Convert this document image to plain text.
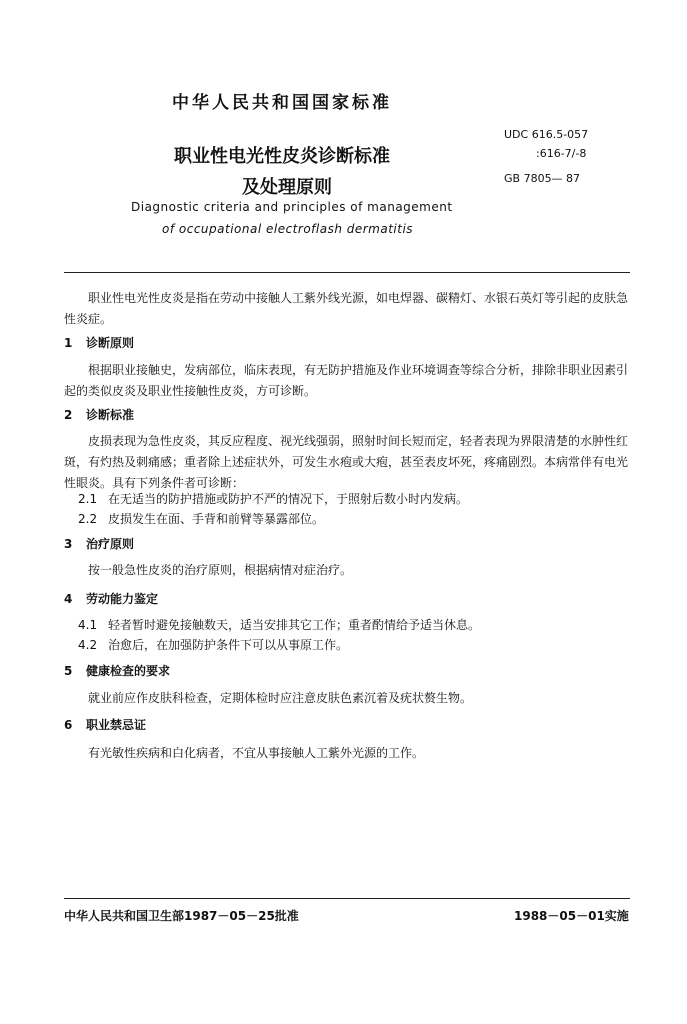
中华人民共和国国家标准
职业性电光性皮炎诊断标准
及处理原则
Diagnostic criteria and principles of management
of occupational electroflash dermatitis
UDC 616.5-057
:616-7/-8
GB 7805— 87
职业性电光性皮炎是指在劳动中接触人工紫外线光源，如电焊器、碳精灯、水银石英灯等引起的皮肤急性炎症。
1 诊断原则
根据职业接触史，发病部位，临床表现，有无防护措施及作业环境调查等综合分析，排除非职业因素引起的类似皮炎及职业性接触性皮炎，方可诊断。
2 诊断标准
皮损表现为急性皮炎，其反应程度、视光线强弱，照射时间长短而定，轻者表现为界限清楚的水肿性红斑，有灼热及刺痛感；重者除上述症状外，可发生水疱或大疱，甚至表皮坏死，疼痛剧烈。本病常伴有电光性眼炎。具有下列条件者可诊断：
2.1 在无适当的防护措施或防护不严的情况下，于照射后数小时内发病。
2.2 皮损发生在面、手背和前臂等暴露部位。
3 治疗原则
按一般急性皮炎的治疗原则，根据病情对症治疗。
4 劳动能力鉴定
4.1 轻者暂时避免接触数天，适当安排其它工作；重者酌情给予适当休息。
4.2 治愈后，在加强防护条件下可以从事原工作。
5 健康检查的要求
就业前应作皮肤科检查，定期体检时应注意皮肤色素沉着及疣状赘生物。
6 职业禁忌证
有光敏性疾病和白化病者，不宜从事接触人工紫外光源的工作。
中华人民共和国卫生部1987－05－25批准	1988－05－01实施
